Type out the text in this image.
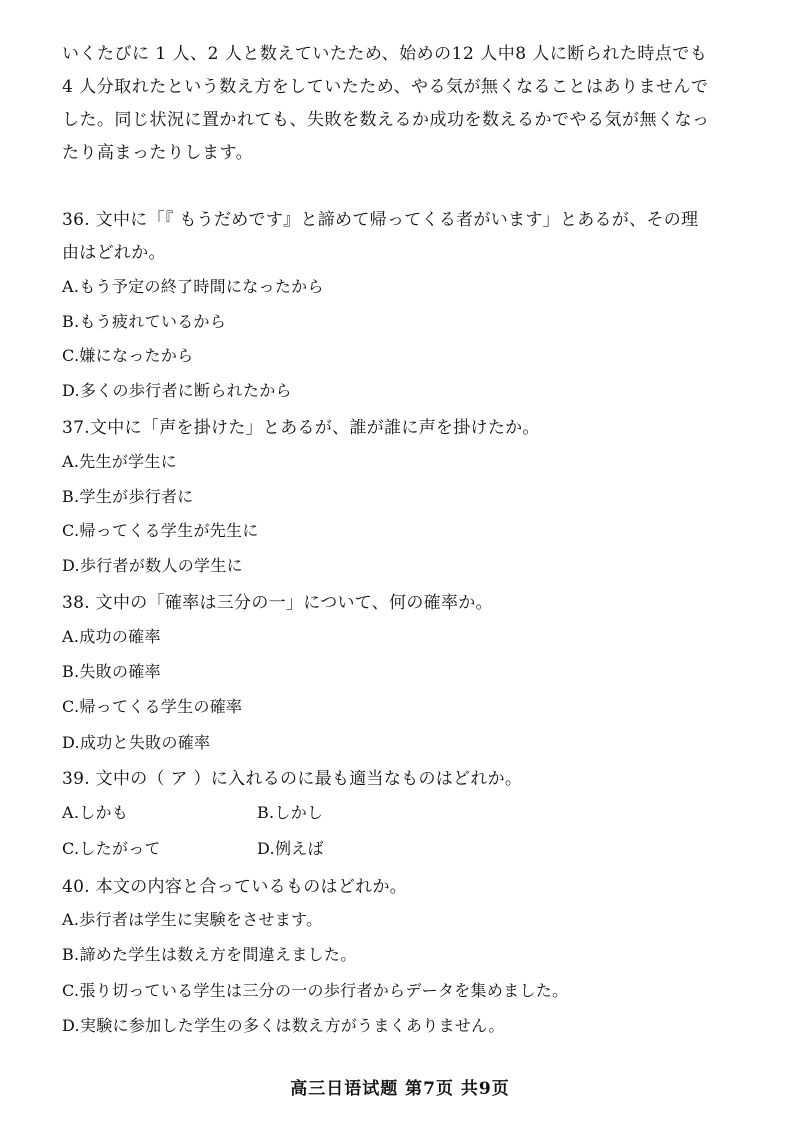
いくたびに 1 人、2 人と数えていたため、始めの12 人中8 人に断られた時点でも
4 人分取れたという数え方をしていたため、やる気が無くなることはありませんで
した。同じ状況に置かれても、失敗を数えるか成功を数えるかでやる気が無くなっ
たり高まったりします。
36. 文中に「『 もうだめです』と諦めて帰ってくる者がいます」とあるが、その理
由はどれか。
A.もう予定の終了時間になったから
B.もう疲れているから
C.嫌になったから
D.多くの歩行者に断られたから
37.文中に「声を掛けた」とあるが、誰が誰に声を掛けたか。
A.先生が学生に
B.学生が歩行者に
C.帰ってくる学生が先生に
D.歩行者が数人の学生に
38. 文中の「確率は三分の一」について、何の確率か。
A.成功の確率
B.失敗の確率
C.帰ってくる学生の確率
D.成功と失敗の確率
39. 文中の（ ア ）に入れるのに最も適当なものはどれか。
A.しかも	B.しかし
C.したがって	D.例えば
40. 本文の内容と合っているものはどれか。
A.歩行者は学生に実験をさせます。
B.諦めた学生は数え方を間違えました。
C.張り切っている学生は三分の一の歩行者からデータを集めました。
D.実験に参加した学生の多くは数え方がうまくありません。
高三日语试题 第7页 共9页
